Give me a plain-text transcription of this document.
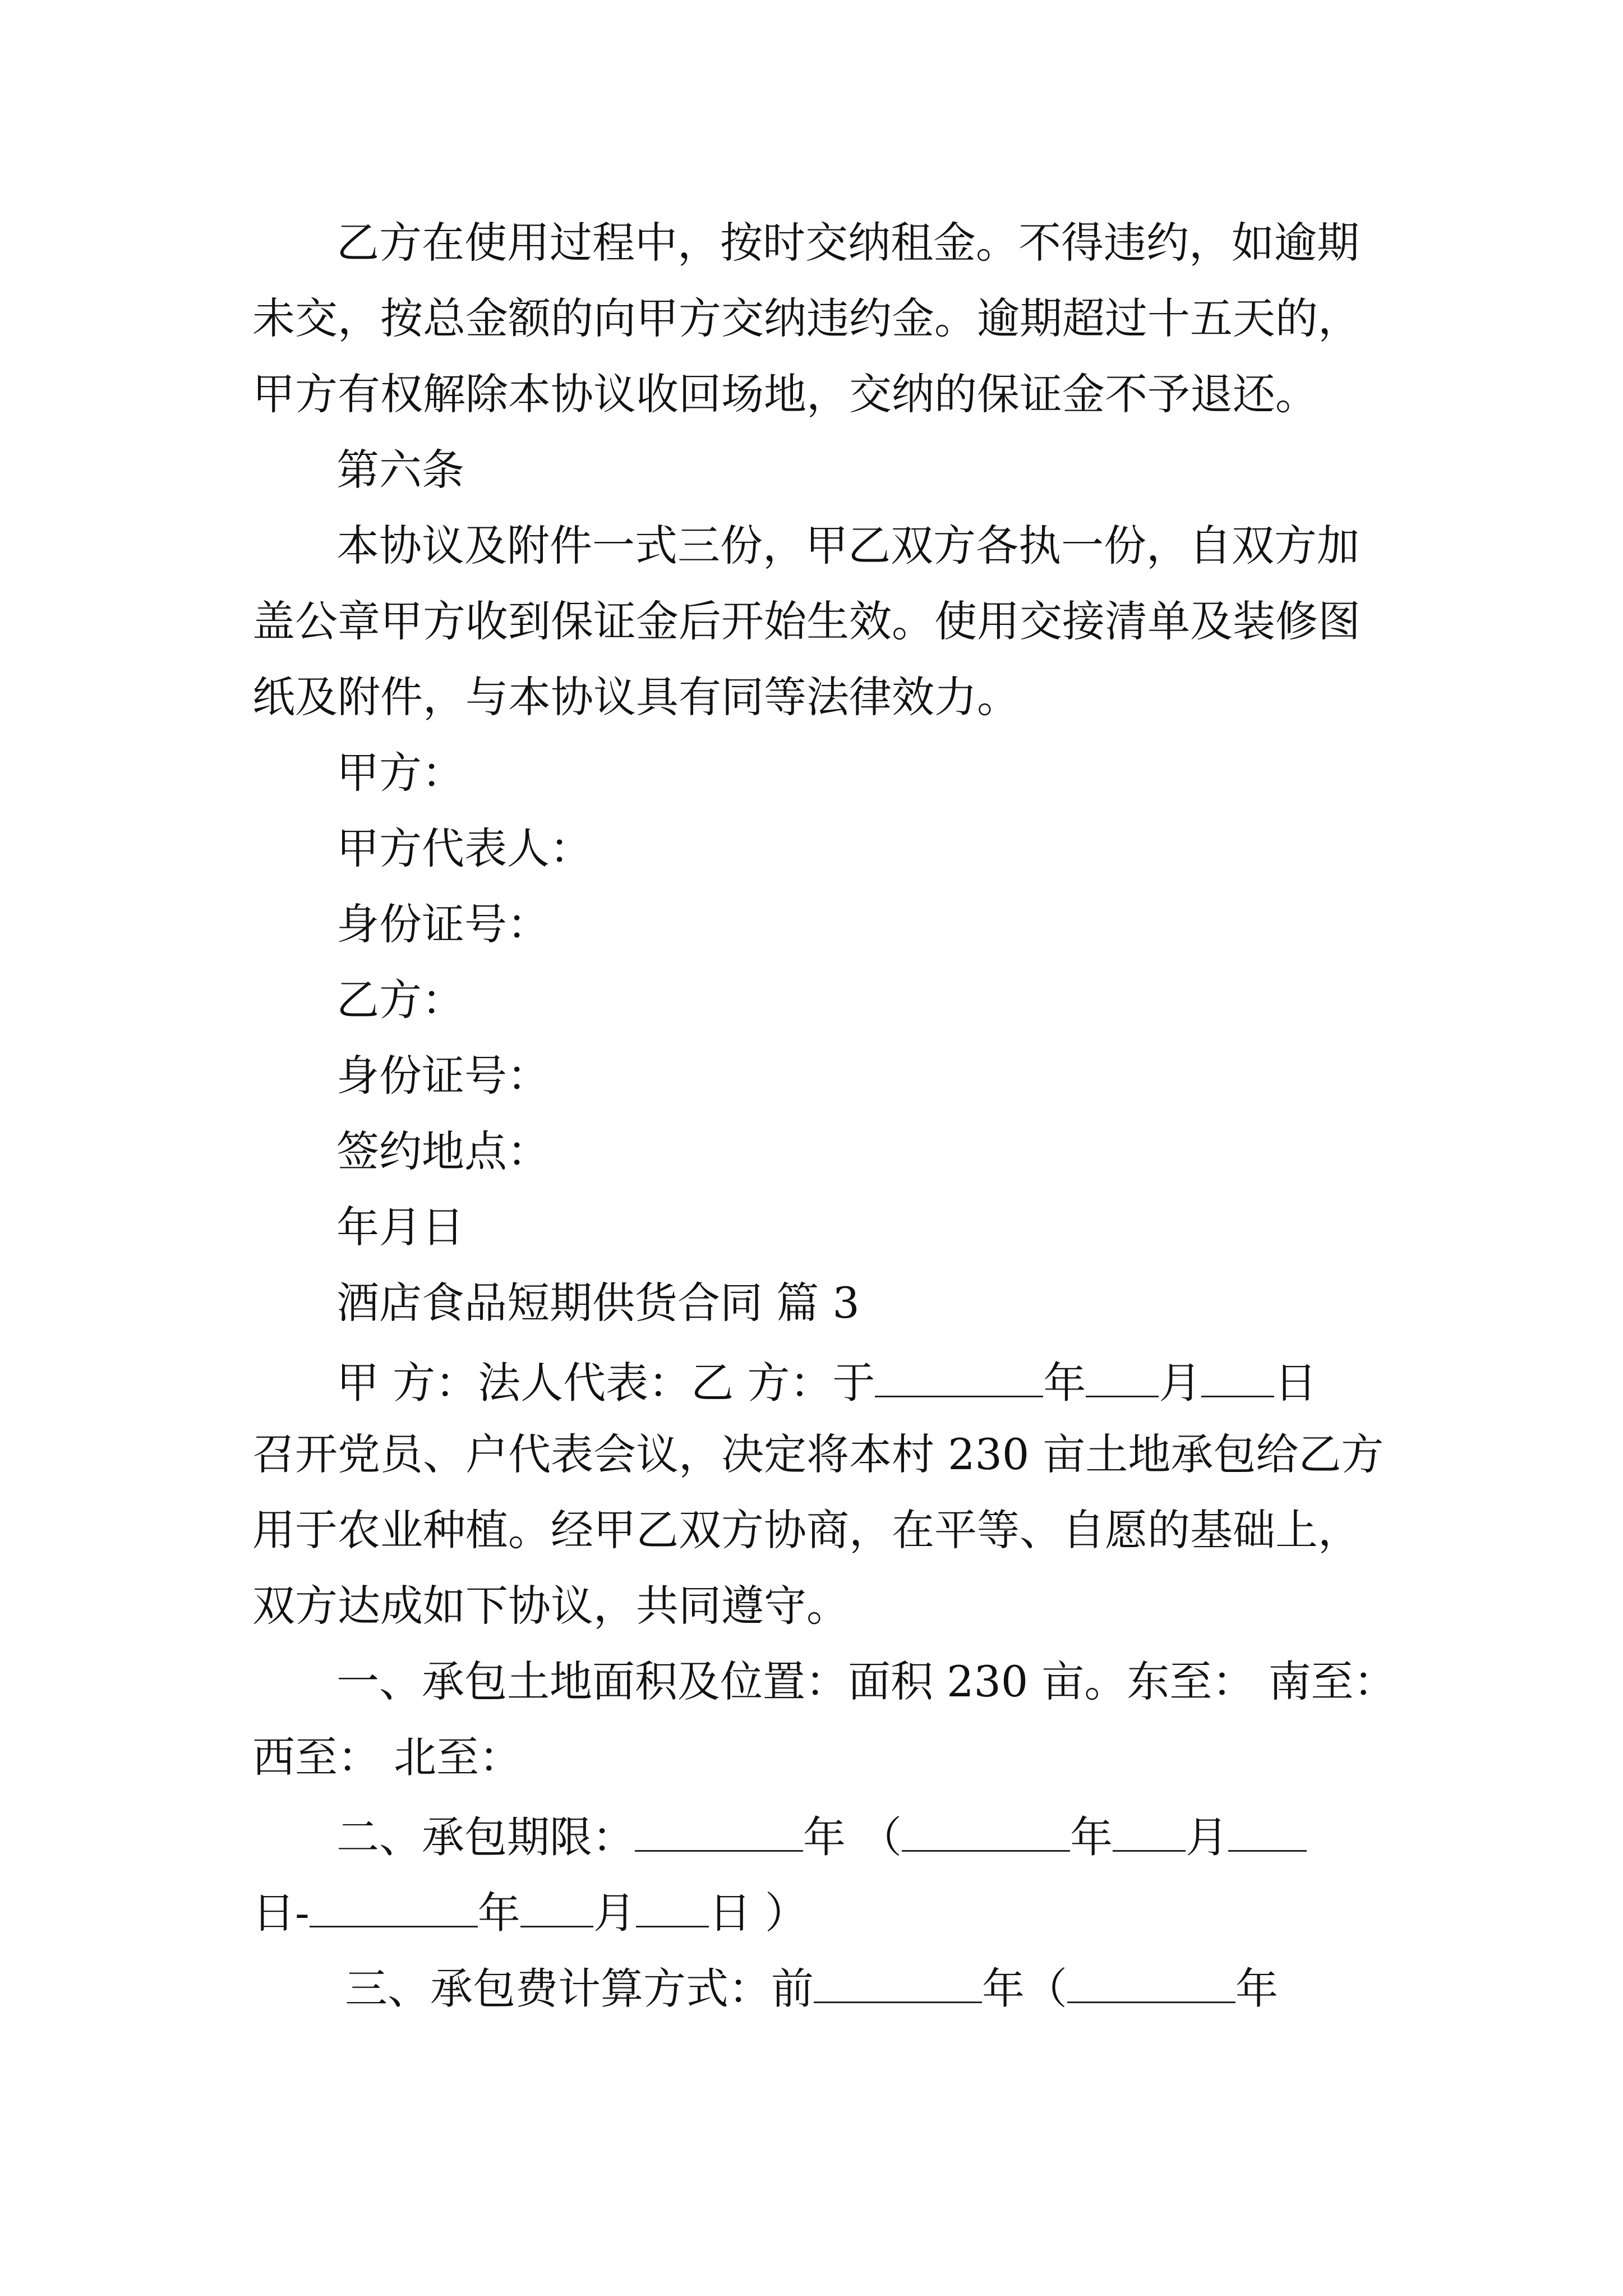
乙方在使用过程中，按时交纳租金。不得违约，如逾期
未交，按总金额的向甲方交纳违约金。逾期超过十五天的，
甲方有权解除本协议收回场地，交纳的保证金不予退还。
第六条
本协议及附件一式三份，甲乙双方各执一份，自双方加
盖公章甲方收到保证金后开始生效。使用交接清单及装修图
纸及附件，与本协议具有同等法律效力。
甲方：
甲方代表人：
身份证号：
乙方：
身份证号：
签约地点：
年月日
酒店食品短期供货合同 篇 3
甲 方：法人代表：乙 方：于	年 月 日
召开党员、户代表会议，决定将本村 230 亩土地承包给乙方
用于农业种植。经甲乙双方协商，在平等、自愿的基础上，
双方达成如下协议，共同遵守。
一、承包土地面积及位置：面积 230 亩。东至： 南至：
西至： 北至：
二、承包期限：	年 （	年 月
日-	年 月 日 ）
三、承包费计算方式：前	年（	年
